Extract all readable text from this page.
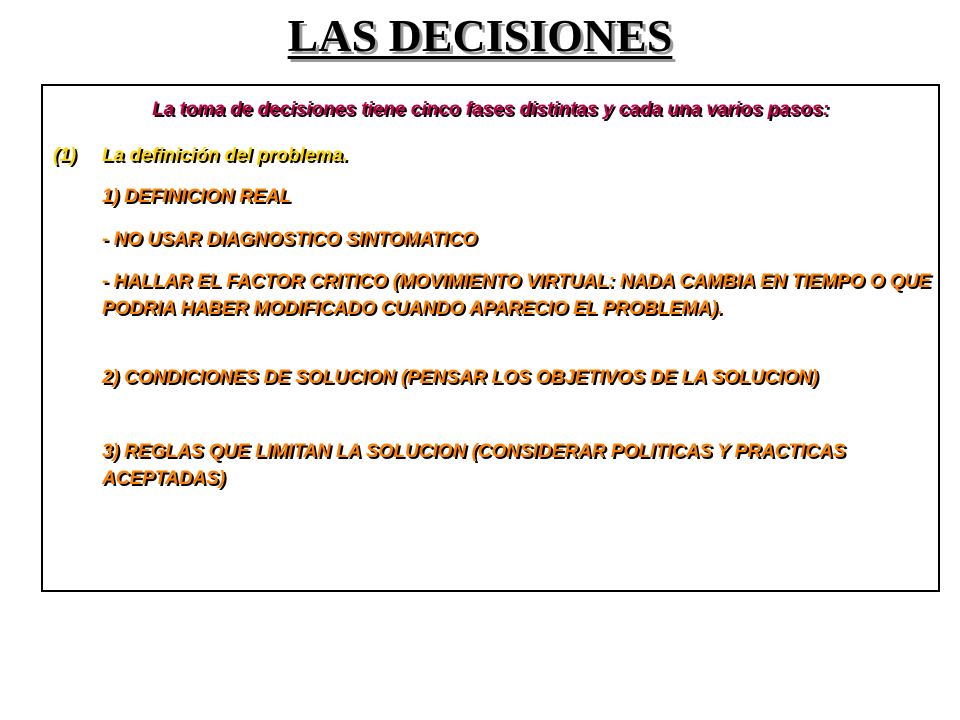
LAS DECISIONES

La toma de decisiones tiene cinco fases distintas y cada una varios pasos:

(1) La definición del problema.

1) DEFINICION REAL

- NO USAR DIAGNOSTICO SINTOMATICO

- HALLAR EL FACTOR CRITICO (MOVIMIENTO VIRTUAL: NADA CAMBIA EN TIEMPO O QUE PODRIA HABER MODIFICADO CUANDO APARECIO EL PROBLEMA).

2) CONDICIONES DE SOLUCION (PENSAR LOS OBJETIVOS DE LA SOLUCION)

3) REGLAS QUE LIMITAN LA SOLUCION (CONSIDERAR POLITICAS Y PRACTICAS ACEPTADAS)
